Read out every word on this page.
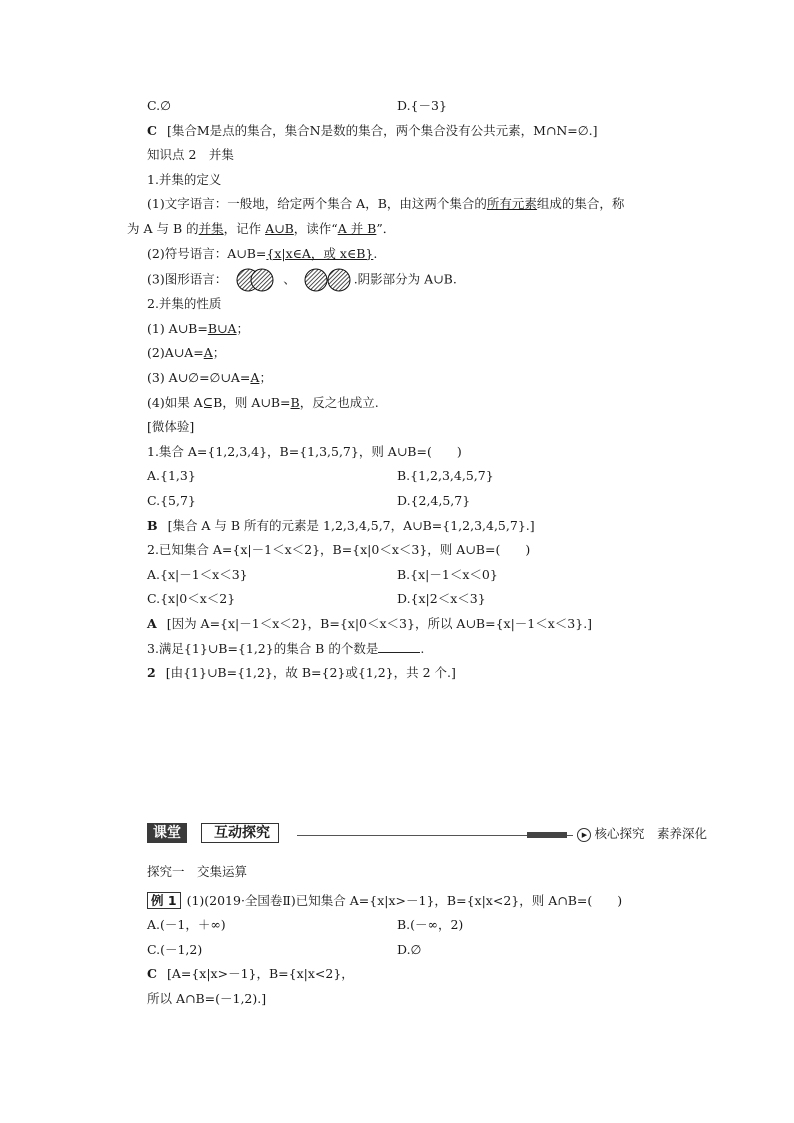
C.∅	D.{－3}
C [集合M是点的集合，集合N是数的集合，两个集合没有公共元素，M∩N=∅.]
知识点 2　并集
1.并集的定义
(1)文字语言：一般地，给定两个集合 A，B，由这两个集合的所有元素组成的集合，称
为 A 与 B 的并集，记作 A∪B，读作“A 并 B”．
(2)符号语言：A∪B={x|x∈A，或 x∈B}.
(3)图形语言：	、	.阴影部分为 A∪B.
2.并集的性质
(1) A∪B=B∪A；
(2)A∪A=A；
(3) A∪∅=∅∪A=A；
(4)如果 A⊆B，则 A∪B=B，反之也成立.
[微体验]
1.集合 A={1,2,3,4}，B={1,3,5,7}，则 A∪B=(　　)
A.{1,3}	B.{1,2,3,4,5,7}
C.{5,7}	D.{2,4,5,7}
B [集合 A 与 B 所有的元素是 1,2,3,4,5,7，A∪B={1,2,3,4,5,7}.]
2.已知集合 A={x|－1＜x＜2}，B={x|0＜x＜3}，则 A∪B=(　　)
A.{x|－1＜x＜3}	B.{x|－1＜x＜0}
C.{x|0＜x＜2}	D.{x|2＜x＜3}
A [因为 A={x|－1＜x＜2}，B={x|0＜x＜3}，所以 A∪B={x|－1＜x＜3}.]
3.满足{1}∪B={1,2}的集合 B 的个数是	.
2 [由{1}∪B={1,2}，故 B={2}或{1,2}，共 2 个.]
课堂	互动探究	▶ 核心探究　素养深化
探究一　交集运算
例 1 (1)(2019·全国卷Ⅱ)已知集合 A={x|x>－1}，B={x|x<2}，则 A∩B=(　　)
A.(－1，＋∞)	B.(－∞，2)
C.(－1,2)	D.∅
C [A={x|x>－1}，B={x|x<2}，
所以 A∩B=(－1,2).]
